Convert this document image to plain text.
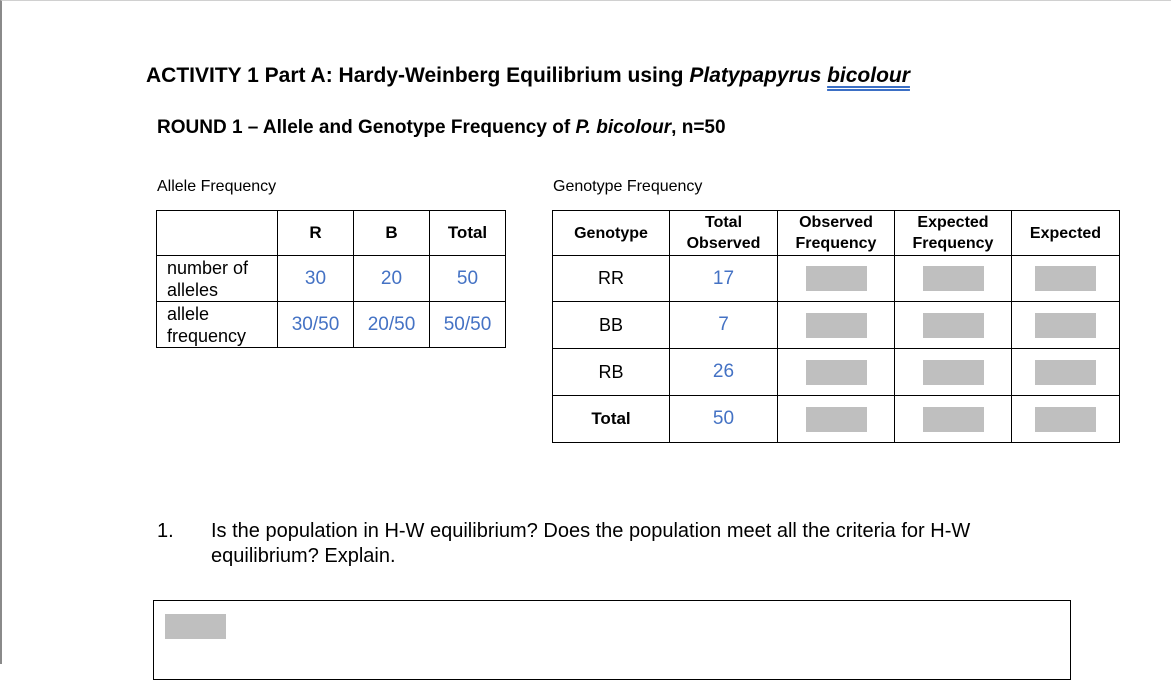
ACTIVITY 1 Part A: Hardy-Weinberg Equilibrium using Platypapyrus bicolour
ROUND 1 – Allele and Genotype Frequency of P. bicolour, n=50
Allele Frequency	Genotype Frequency
	R	B	Total
number of alleles	30	20	50
allele frequency	30/50	20/50	50/50
Genotype	Total Observed	Observed Frequency	Expected Frequency	Expected
RR	17			
BB	7			
RB	26			
Total	50			
1. Is the population in H-W equilibrium? Does the population meet all the criteria for H-W equilibrium? Explain.
